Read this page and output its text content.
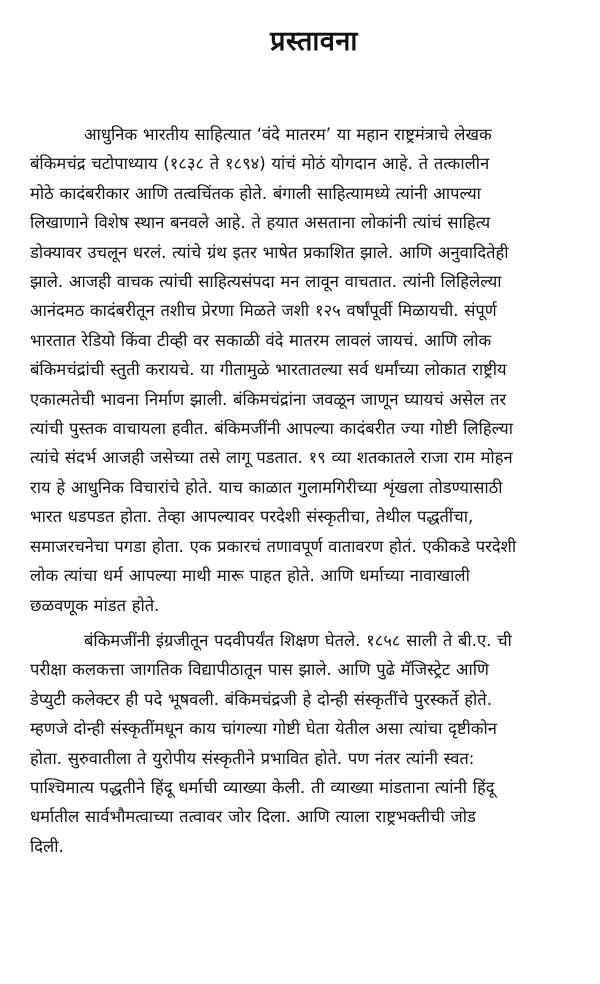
प्रस्तावना

आधुनिक भारतीय साहित्यात ‘वंदे मातरम’ या महान राष्ट्रमंत्राचे लेखक
बंकिमचंद्र चटोपाध्याय (१८३८ ते १८९४) यांचं मोठं योगदान आहे. ते तत्कालीन
मोठे कादंबरीकार आणि तत्वचिंतक होते. बंगाली साहित्यामध्ये त्यांनी आपल्या
लिखाणाने विशेष स्थान बनवले आहे. ते हयात असताना लोकांनी त्यांचं साहित्य
डोक्यावर उचलून धरलं. त्यांचे ग्रंथ इतर भाषेत प्रकाशित झाले. आणि अनुवादितेही
झाले. आजही वाचक त्यांची साहित्यसंपदा मन लावून वाचतात. त्यांनी लिहिलेल्या
आनंदमठ कादंबरीतून तशीच प्रेरणा मिळते जशी १२५ वर्षांपूर्वी मिळायची. संपूर्ण
भारतात रेडियो किंवा टीव्ही वर सकाळी वंदे मातरम लावलं जायचं. आणि लोक
बंकिमचंद्रांची स्तुती करायचे. या गीतामुळे भारतातल्या सर्व धर्मांच्या लोकात राष्ट्रीय
एकात्मतेची भावना निर्माण झाली. बंकिमचंद्रांना जवळून जाणून घ्यायचं असेल तर
त्यांची पुस्तक वाचायला हवीत. बंकिमजींनी आपल्या कादंबरीत ज्या गोष्टी लिहिल्या
त्यांचे संदर्भ आजही जसेच्या तसे लागू पडतात. १९ व्या शतकातले राजा राम मोहन
राय हे आधुनिक विचारांचे होते. याच काळात गुलामगिरीच्या शृंखला तोडण्यासाठी
भारत धडपडत होता. तेव्हा आपल्यावर परदेशी संस्कृतीचा, तेथील पद्धतींचा,
समाजरचनेचा पगडा होता. एक प्रकारचं तणावपूर्ण वातावरण होतं. एकीकडे परदेशी
लोक त्यांचा धर्म आपल्या माथी मारू पाहत होते. आणि धर्माच्या नावाखाली
छळवणूक मांडत होते.

बंकिमजींनी इंग्रजीतून पदवीपर्यंत शिक्षण घेतले. १८५८ साली ते बी.ए. ची
परीक्षा कलकत्ता जागतिक विद्यापीठातून पास झाले. आणि पुढे मॅजिस्ट्रेट आणि
डेप्युटी कलेक्टर ही पदे भूषवली. बंकिमचंद्रजी हे दोन्ही संस्कृतींचे पुरस्कर्ते होते.
म्हणजे दोन्ही संस्कृतींमधून काय चांगल्या गोष्टी घेता येतील असा त्यांचा दृष्टीकोन
होता. सुरुवातीला ते युरोपीय संस्कृतीने प्रभावित होते. पण नंतर त्यांनी स्वत:
पाश्चिमात्य पद्धतीने हिंदू धर्माची व्याख्या केली. ती व्याख्या मांडताना त्यांनी हिंदू
धर्मातील सार्वभौमत्वाच्या तत्वावर जोर दिला. आणि त्याला राष्ट्रभक्तीची जोड
दिली.
